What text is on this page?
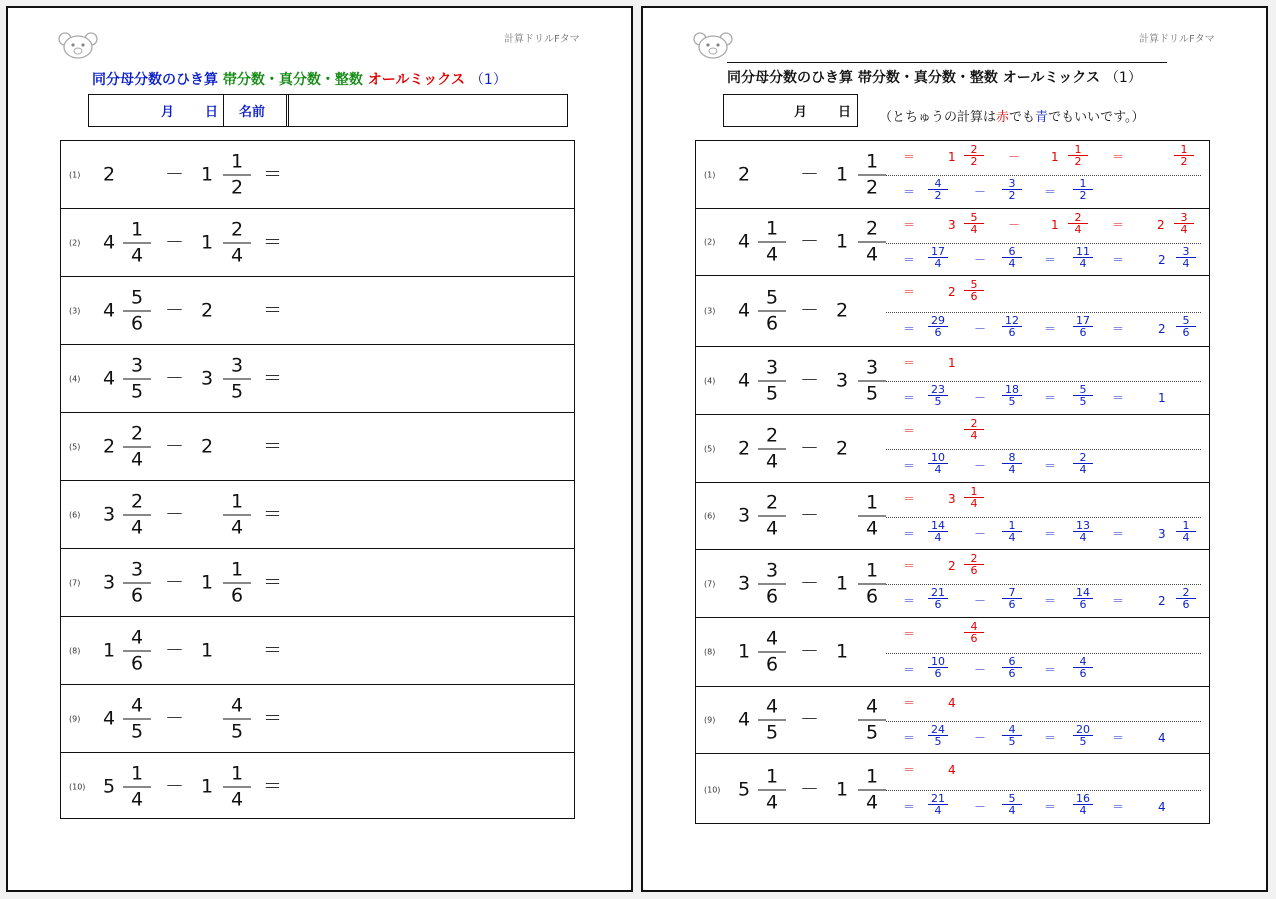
計算ドリルFタマ
同分母分数のひき算 帯分数・真分数・整数 オールミックス （1）
月 日 名前
(1) 2	－ $1 \frac{1}{2}$ ＝
(2) $4 \frac{1}{4} - 1 \frac{2}{4}$ ＝
(3) $4 \frac{5}{6} - 2$	＝
(4) $4 \frac{3}{5} - 3 \frac{3}{5}$ ＝
(5) $2 \frac{2}{4} - 2$	＝
(6) $3 \frac{2}{4} - \frac{1}{4}$ ＝
(7) $3 \frac{3}{6} - 1 \frac{1}{6}$ ＝
(8) $1 \frac{4}{6} - 1$	＝
(9) $4 \frac{4}{5} - \frac{4}{5}$ ＝
(10) $5 \frac{1}{4} - 1 \frac{1}{4}$ ＝
計算ドリルFタマ
同分母分数のひき算 帯分数・真分数・整数 オールミックス （1）
月 日 （とちゅうの計算は赤でも青でもいいです。）
(1) 2	－ $1 \frac{1}{2}$ ＝	$1 \frac{2}{2}$ －	$1 \frac{1}{2}$ ＝	$\frac{1}{2}$
＝ $\frac{4}{2} - \frac{3}{2} = \frac{1}{2}$
(2) $4 \frac{1}{4} - 1 \frac{2}{4}$ ＝	$3 \frac{5}{4}$ －	$1 \frac{2}{4}$ ＝	$2 \frac{3}{4}$
＝ $\frac{17}{4} - \frac{6}{4} = \frac{11}{4}$ ＝	$2 \frac{3}{4}$
(3) $4 \frac{5}{6} - 2$
＝	$2 \frac{5}{6}$
＝ $\frac{29}{6} - \frac{12}{6} = \frac{17}{6}$ ＝	$2 \frac{5}{6}$
(4) $4 \frac{3}{5} - 3 \frac{3}{5}$ ＝	1
＝ $\frac{23}{5} - \frac{18}{5} = \frac{5}{5}$ ＝	1
(5) $2 \frac{2}{4} - 2$
＝	$\frac{2}{4}$
＝ $\frac{10}{4} - \frac{8}{4} = \frac{2}{4}$
(6) $3 \frac{2}{4} - \frac{1}{4}$ ＝	$3 \frac{1}{4}$
＝ $\frac{14}{4} - \frac{1}{4} = \frac{13}{4}$ ＝	$3 \frac{1}{4}$
(7) $3 \frac{3}{6} - 1 \frac{1}{6}$ ＝	$2 \frac{2}{6}$
＝ $\frac{21}{6} - \frac{7}{6} = \frac{14}{6}$ ＝	$2 \frac{2}{6}$
(8) $1 \frac{4}{6} - 1$
＝	$\frac{4}{6}$
＝ $\frac{10}{6} - \frac{6}{6} = \frac{4}{6}$
(9) $4 \frac{4}{5} - \frac{4}{5}$ ＝	4
＝ $\frac{24}{5} - \frac{4}{5} = \frac{20}{5}$ ＝	4
(10) $5 \frac{1}{4} - 1 \frac{1}{4}$ ＝	4
＝ $\frac{21}{4} - \frac{5}{4} = \frac{16}{4}$ ＝	4
